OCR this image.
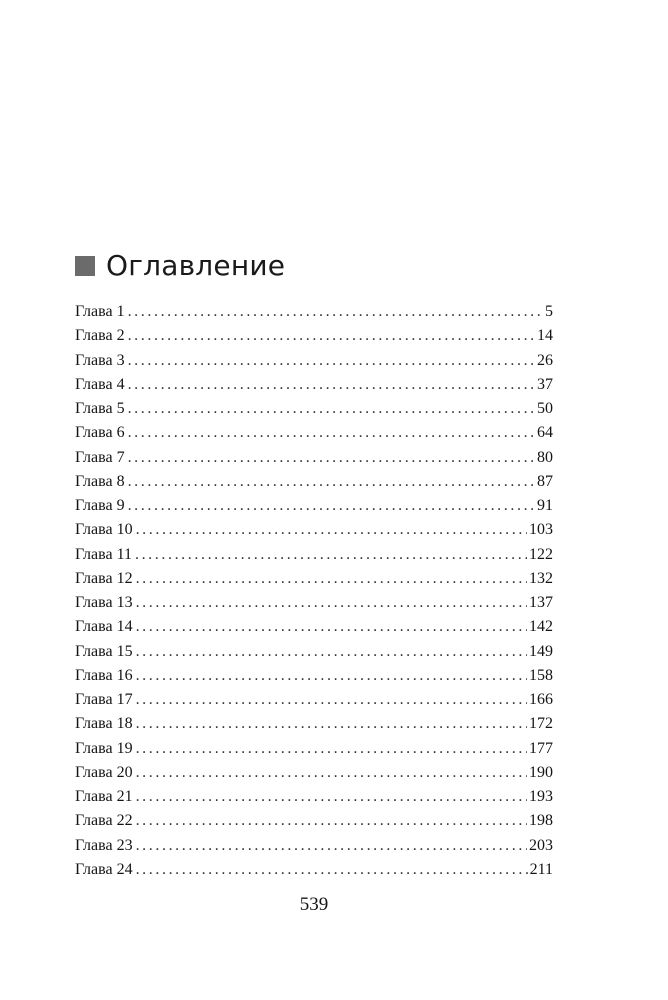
Оглавление
Глава 1 .....	5
Глава 2 .....	14
Глава 3 .....	26
Глава 4 .....	37
Глава 5 .....	50
Глава 6 .....	64
Глава 7 .....	80
Глава 8 .....	87
Глава 9 .....	91
Глава 10 .....	103
Глава 11 .....	122
Глава 12 .....	132
Глава 13 .....	137
Глава 14 .....	142
Глава 15 .....	149
Глава 16 .....	158
Глава 17 .....	166
Глава 18 .....	172
Глава 19 .....	177
Глава 20 .....	190
Глава 21 .....	193
Глава 22 .....	198
Глава 23 .....	203
Глава 24 .....	211
539
